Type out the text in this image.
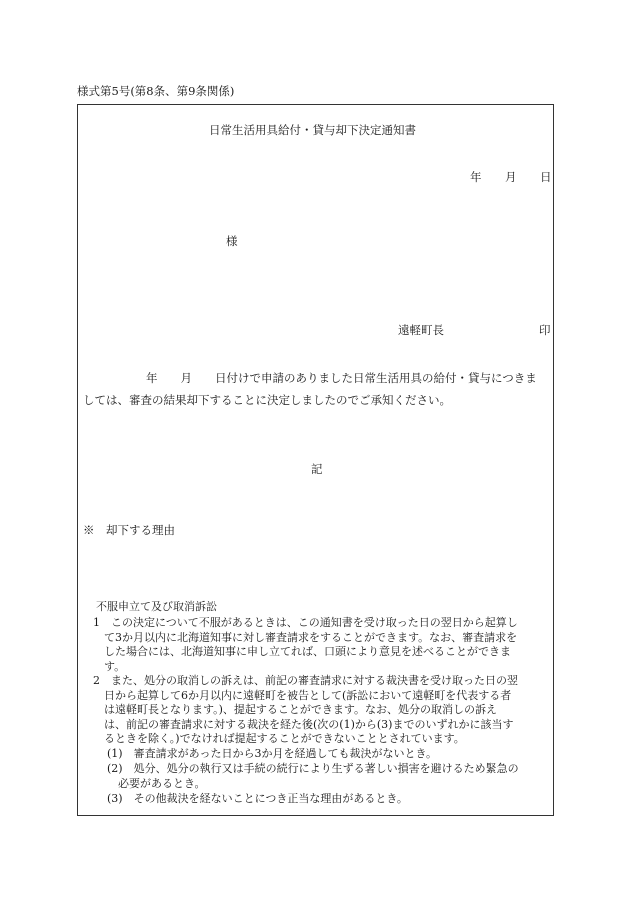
様式第5号(第8条、第9条関係)
日常生活用具給付・貸与却下決定通知書
年 月 日
様
遠軽町長	印
年　　月　　日付けで申請のありました日常生活用具の給付・貸与につきま
しては、審査の結果却下することに決定しましたのでご承知ください。
記
※　却下する理由
不服申立て及び取消訴訟
1　この決定について不服があるときは、この通知書を受け取った日の翌日から起算し
て3か月以内に北海道知事に対し審査請求をすることができます。なお、審査請求を
した場合には、北海道知事に申し立てれば、口頭により意見を述べることができま
す。
2　また、処分の取消しの訴えは、前記の審査請求に対する裁決書を受け取った日の翌
日から起算して6か月以内に遠軽町を被告として(訴訟において遠軽町を代表する者
は遠軽町長となります。)、提起することができます。なお、処分の取消しの訴え
は、前記の審査請求に対する裁決を経た後(次の(1)から(3)までのいずれかに該当す
るときを除く。)でなければ提起することができないこととされています。
(1)　審査請求があった日から3か月を経過しても裁決がないとき。
(2)　処分、処分の執行又は手続の続行により生ずる著しい損害を避けるため緊急の
必要があるとき。
(3)　その他裁決を経ないことにつき正当な理由があるとき。
